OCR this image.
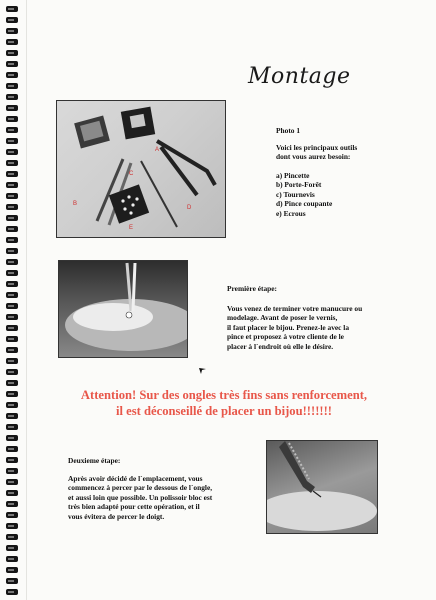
Montage
A
B
C
D
E
Photo 1
Voici les principaux outils
dont vous aurez besoin:
a) Pincette
b) Porte-Forêt
c) Tournevis
d) Pince coupante
e) Ecrous
Première étape:
Vous venez de terminer votre manucure ou
modelage. Avant de poser le vernis,
il faut placer le bijou. Prenez-le avec la
pince et proposez à votre cliente de le
placer à l`endroit où elle le désire.
Attention! Sur des ongles très fins sans renforcement,
il est déconseillé de placer un bijou!!!!!!!
Deuxieme étape:
Après avoir décidé de l`emplacement, vous
commencez à percer par le dessous de l`ongle,
et aussi loin que possible. Un polissoir bloc est
très bien adapté pour cette opération, et il
vous évitera de percer le doigt.
